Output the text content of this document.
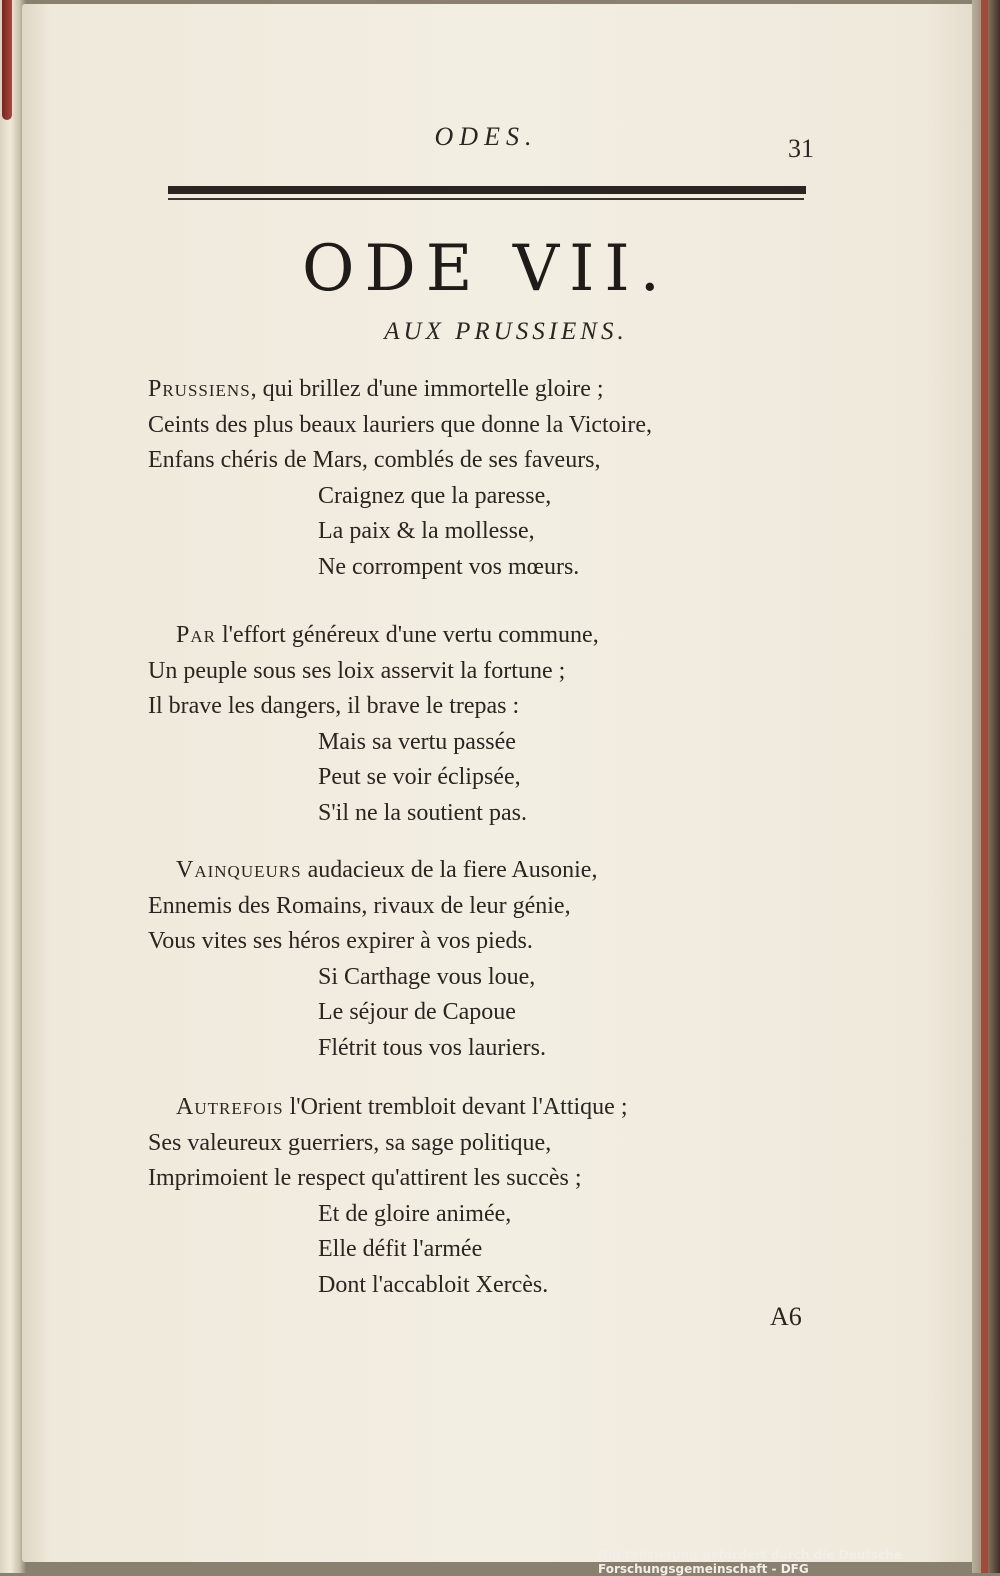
ODES.	31
ODE VII.
AUX PRUSSIENS.
Prussiens, qui brillez d'une immortelle gloire ;
Ceints des plus beaux lauriers que donne la Victoire,
Enfans chéris de Mars, comblés de ses faveurs,
Craignez que la paresse,
La paix & la mollesse,
Ne corrompent vos mœurs.
Par l'effort généreux d'une vertu commune,
Un peuple sous ses loix asservit la fortune ;
Il brave les dangers, il brave le trepas :
Mais sa vertu passée
Peut se voir éclipsée,
S'il ne la soutient pas.
Vainqueurs audacieux de la fiere Ausonie,
Ennemis des Romains, rivaux de leur génie,
Vous vites ses héros expirer à vos pieds.
Si Carthage vous loue,
Le séjour de Capoue
Flétrit tous vos lauriers.
Autrefois l'Orient trembloit devant l'Attique ;
Ses valeureux guerriers, sa sage politique,
Imprimoient le respect qu'attirent les succès ;
Et de gloire animée,
Elle défit l'armée
Dont l'accabloit Xercès.
A6
Digitalisierung gefördert durch die Deutsche Forschungsgemeinschaft - DFG
